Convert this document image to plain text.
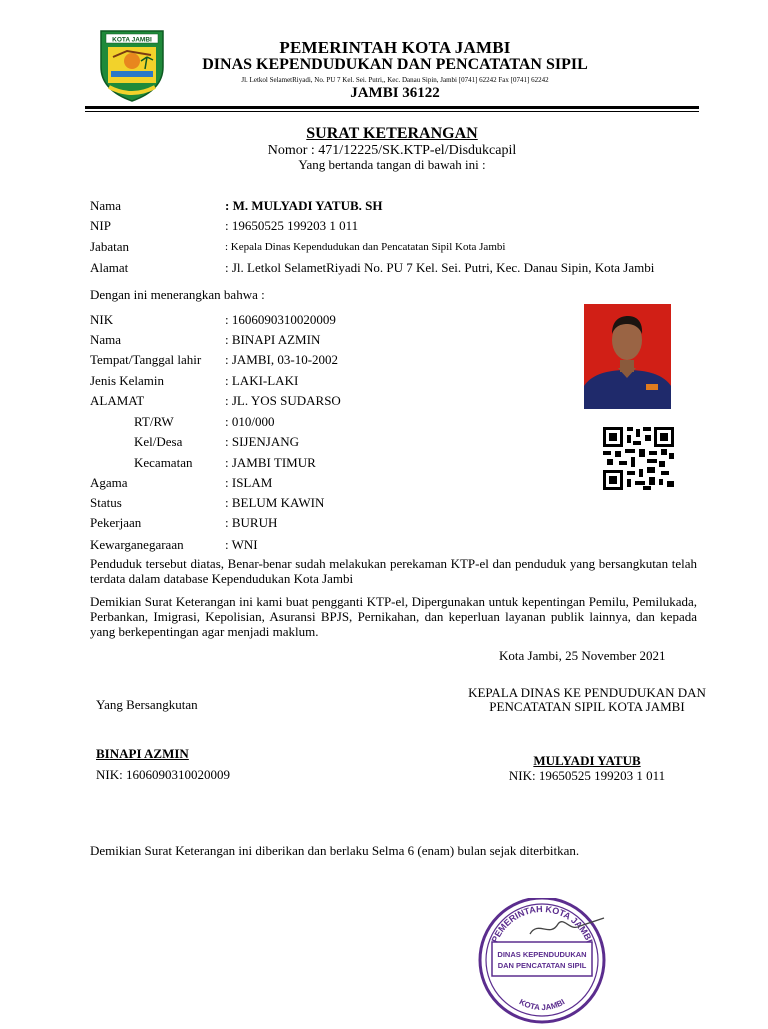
KOTA JAMBI	PEMERINTAH KOTA JAMBI
DINAS KEPENDUDUKAN DAN PENCATATAN SIPIL
Jl. Letkol SelametRiyadi, No. PU 7 Kel. Sei. Putri,, Kec. Danau Sipin, Jambi [0741] 62242 Fax [0741] 62242
JAMBI 36122
SURAT KETERANGAN
Nomor : 471/12225/SK.KTP-el/Disdukcapil
Yang bertanda tangan di bawah ini :
Nama	: M. MULYADI YATUB. SH
NIP	: 19650525 199203 1 011
Jabatan	: Kepala Dinas Kependudukan dan Pencatatan Sipil Kota Jambi
Alamat	: Jl. Letkol SelametRiyadi No. PU 7 Kel. Sei. Putri, Kec. Danau Sipin, Kota Jambi
Dengan ini menerangkan bahwa :
NIK	: 1606090310020009
Nama	: BINAPI AZMIN
Tempat/Tanggal lahir : JAMBI, 03-10-2002
Jenis Kelamin	: LAKI-LAKI
ALAMAT	: JL. YOS SUDARSO
RT/RW	: 010/000
Kel/Desa	: SIJENJANG
Kecamatan	: JAMBI TIMUR
Agama	: ISLAM
Status	: BELUM KAWIN
Pekerjaan	: BURUH
Kewarganegaraan	: WNI
Penduduk tersebut diatas, Benar-benar sudah melakukan perekaman KTP-el dan penduduk yang bersangkutan telah terdata dalam database Kependudukan Kota Jambi
Demikian Surat Keterangan ini kami buat pengganti KTP-el, Dipergunakan untuk kepentingan Pemilu, Pemilukada, Perbankan, Imigrasi, Kepolisian, Asuransi BPJS, Pernikahan, dan keperluan layanan publik lainnya, dan kepada yang berkepentingan agar menjadi maklum.
Kota Jambi, 25 November 2021
Yang Bersangkutan
BINAPI AZMIN
NIK: 1606090310020009
KEPALA DINAS KE PENDUDUKAN DAN
PENCATATAN SIPIL KOTA JAMBI
MULYADI YATUB
NIK: 19650525 199203 1 011
Demikian Surat Keterangan ini diberikan dan berlaku Selma 6 (enam) bulan sejak diterbitkan.
PEMERINTAH KOTA JAMBI
DINAS KEPENDUDUKAN
DAN PENCATATAN SIPIL
KOTA JAMBI
